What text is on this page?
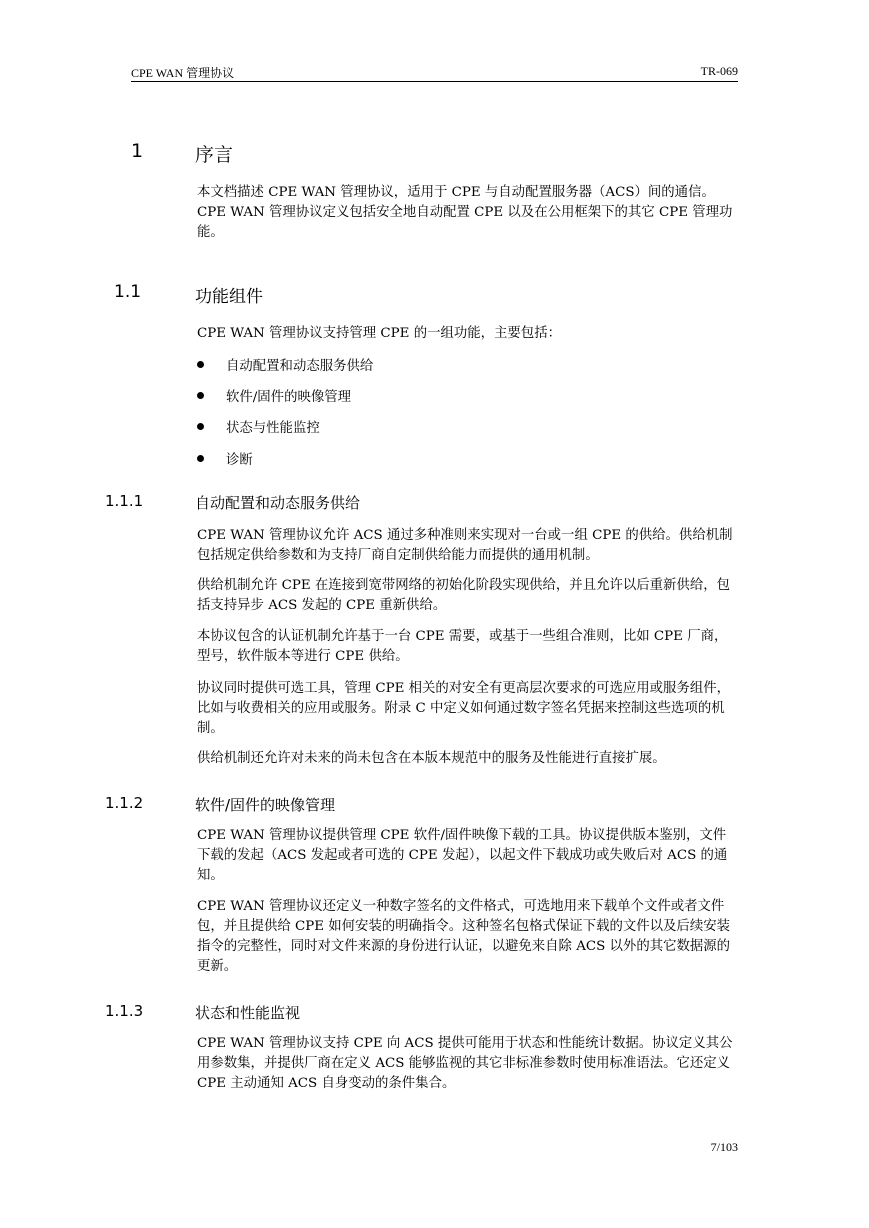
CPE WAN 管理协议	TR-069
1	序言

本文档描述 CPE WAN 管理协议，适用于 CPE 与自动配置服务器（ACS）间的通信。CPE WAN 管理协议定义包括安全地自动配置 CPE 以及在公用框架下的其它 CPE 管理功能。

1.1	功能组件

CPE WAN 管理协议支持管理 CPE 的一组功能，主要包括：

自动配置和动态服务供给
软件/固件的映像管理
状态与性能监控
诊断
1.1.1	自动配置和动态服务供给

CPE WAN 管理协议允许 ACS 通过多种准则来实现对一台或一组 CPE 的供给。供给机制包括规定供给参数和为支持厂商自定制供给能力而提供的通用机制。

供给机制允许 CPE 在连接到宽带网络的初始化阶段实现供给，并且允许以后重新供给，包括支持异步 ACS 发起的 CPE 重新供给。

本协议包含的认证机制允许基于一台 CPE 需要，或基于一些组合准则，比如 CPE 厂商，型号，软件版本等进行 CPE 供给。

协议同时提供可选工具，管理 CPE 相关的对安全有更高层次要求的可选应用或服务组件，比如与收费相关的应用或服务。附录 C 中定义如何通过数字签名凭据来控制这些选项的机制。

供给机制还允许对未来的尚未包含在本版本规范中的服务及性能进行直接扩展。

1.1.2	软件/固件的映像管理

CPE WAN 管理协议提供管理 CPE 软件/固件映像下载的工具。协议提供版本鉴别，文件下载的发起（ACS 发起或者可选的 CPE 发起），以起文件下载成功或失败后对 ACS 的通知。

CPE WAN 管理协议还定义一种数字签名的文件格式，可选地用来下载单个文件或者文件包，并且提供给 CPE 如何安装的明确指令。这种签名包格式保证下载的文件以及后续安装指令的完整性，同时对文件来源的身份进行认证，以避免来自除 ACS 以外的其它数据源的更新。

1.1.3	状态和性能监视

CPE WAN 管理协议支持 CPE 向 ACS 提供可能用于状态和性能统计数据。协议定义其公用参数集，并提供厂商在定义 ACS 能够监视的其它非标准参数时使用标准语法。它还定义 CPE 主动通知 ACS 自身变动的条件集合。

7/103
